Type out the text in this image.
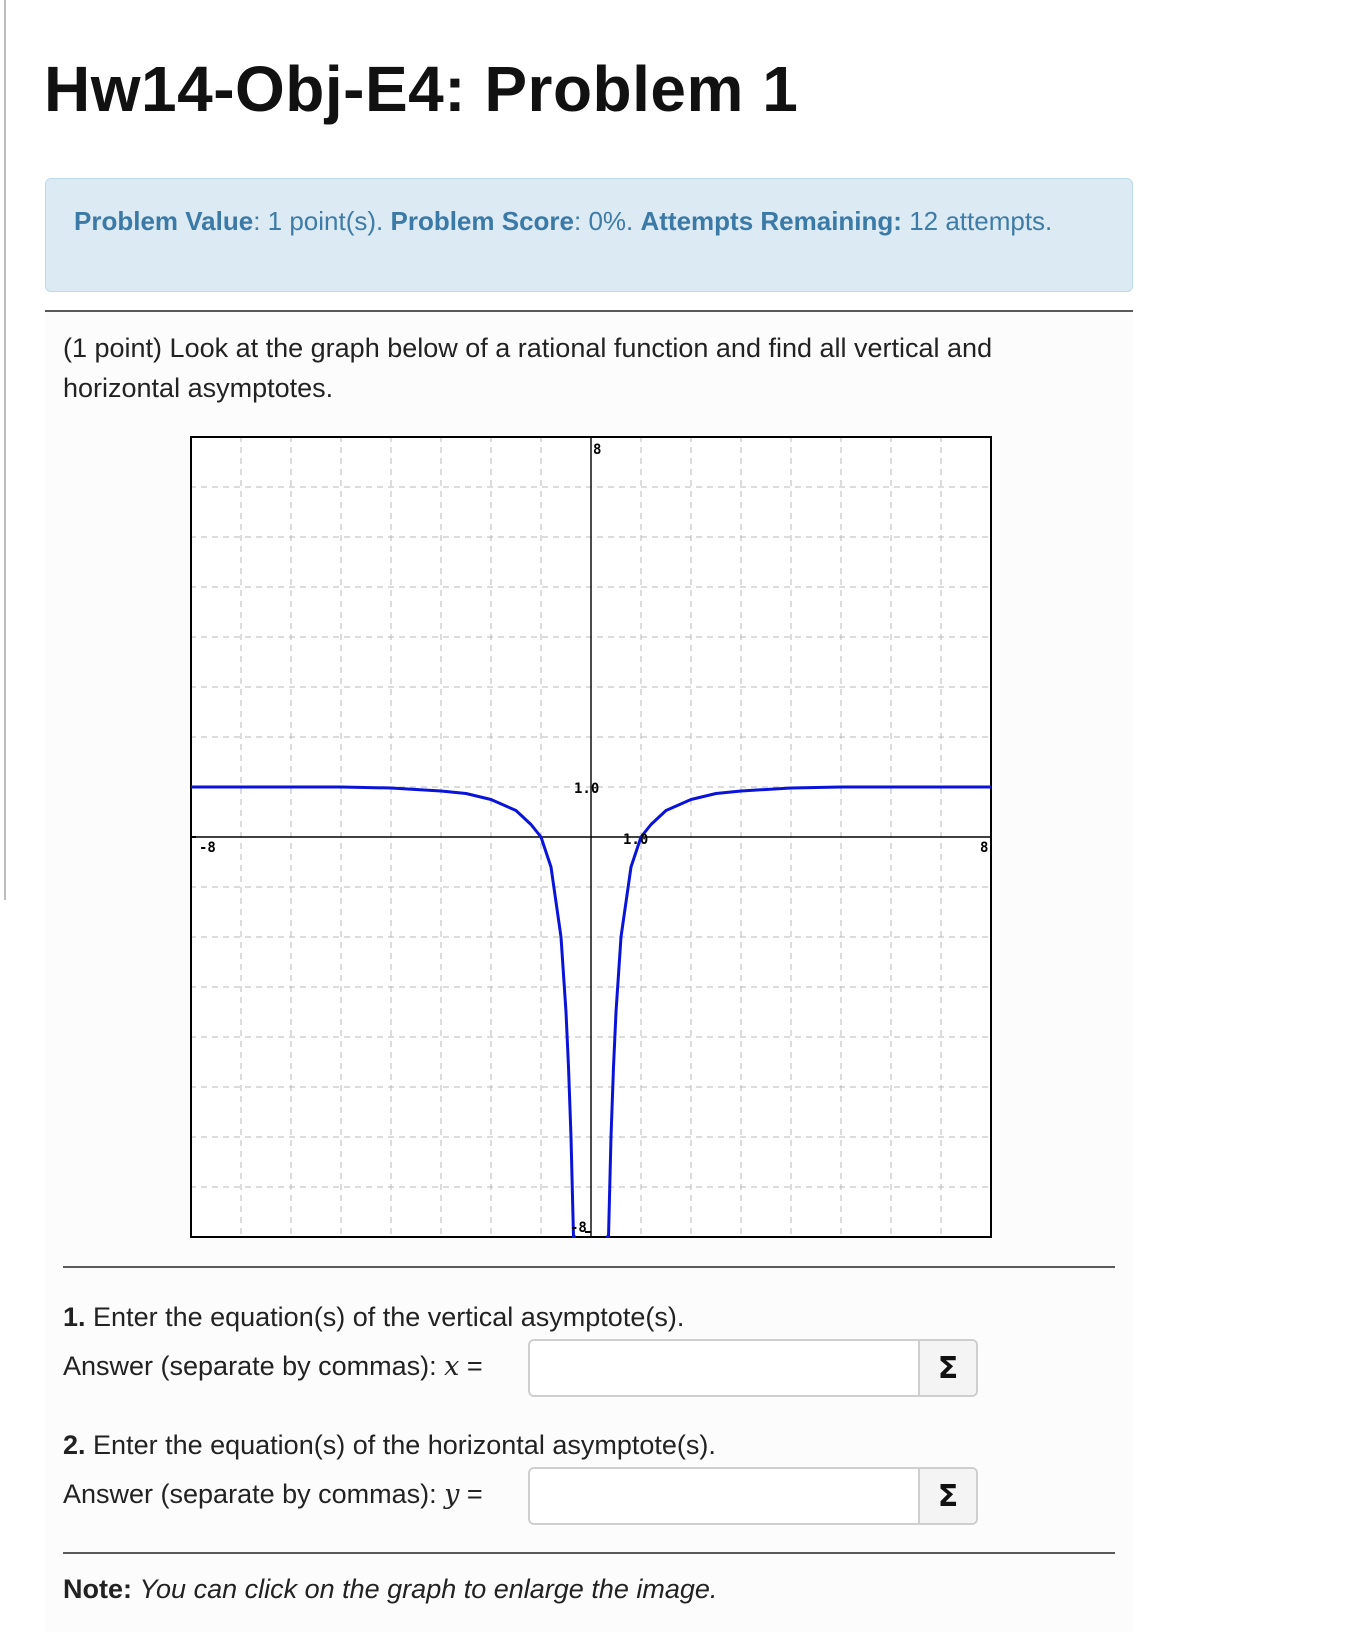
Hw14-Obj-E4: Problem 1
Problem Value: 1 point(s). Problem Score: 0%. Attempts Remaining: 12 attempts.
(1 point) Look at the graph below of a rational function and find all vertical and horizontal asymptotes.
-8	8
8
-8
1.0
1.0
1. Enter the equation(s) of the vertical asymptote(s).
Answer (separate by commas): x =	Σ
2. Enter the equation(s) of the horizontal asymptote(s).
Answer (separate by commas): y =	Σ
Note: You can click on the graph to enlarge the image.
